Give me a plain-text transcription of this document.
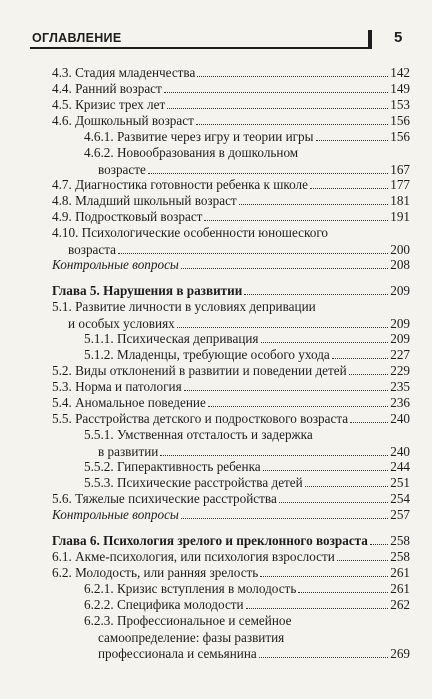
ОГЛАВЛЕНИЕ	5
4.3. Стадия младенчества	142
4.4. Ранний возраст	149
4.5. Кризис трех лет	153
4.6. Дошкольный возраст	156
4.6.1. Развитие через игру и теории игры	156
4.6.2. Новообразования в дошкольном
возрасте	167
4.7. Диагностика готовности ребенка к школе	177
4.8. Младший школьный возраст	181
4.9. Подростковый возраст	191
4.10. Психологические особенности юношеского
возраста	200
Контрольные вопросы	208
Глава 5. Нарушения в развитии	209
5.1. Развитие личности в условиях депривации
и особых условиях	209
5.1.1. Психическая депривация	209
5.1.2. Младенцы, требующие особого ухода	227
5.2. Виды отклонений в развитии и поведении детей	229
5.3. Норма и патология	235
5.4. Аномальное поведение	236
5.5. Расстройства детского и подросткового возраста	240
5.5.1. Умственная отсталость и задержка
в развитии	240
5.5.2. Гиперактивность ребенка	244
5.5.3. Психические расстройства детей	251
5.6. Тяжелые психические расстройства	254
Контрольные вопросы	257
Глава 6. Психология зрелого и преклонного возраста 258
6.1. Акме-психология, или психология взрослости	258
6.2. Молодость, или ранняя зрелость	261
6.2.1. Кризис вступления в молодость	261
6.2.2. Специфика молодости	262
6.2.3. Профессиональное и семейное
самоопределение: фазы развития
профессионала и семьянина	269
